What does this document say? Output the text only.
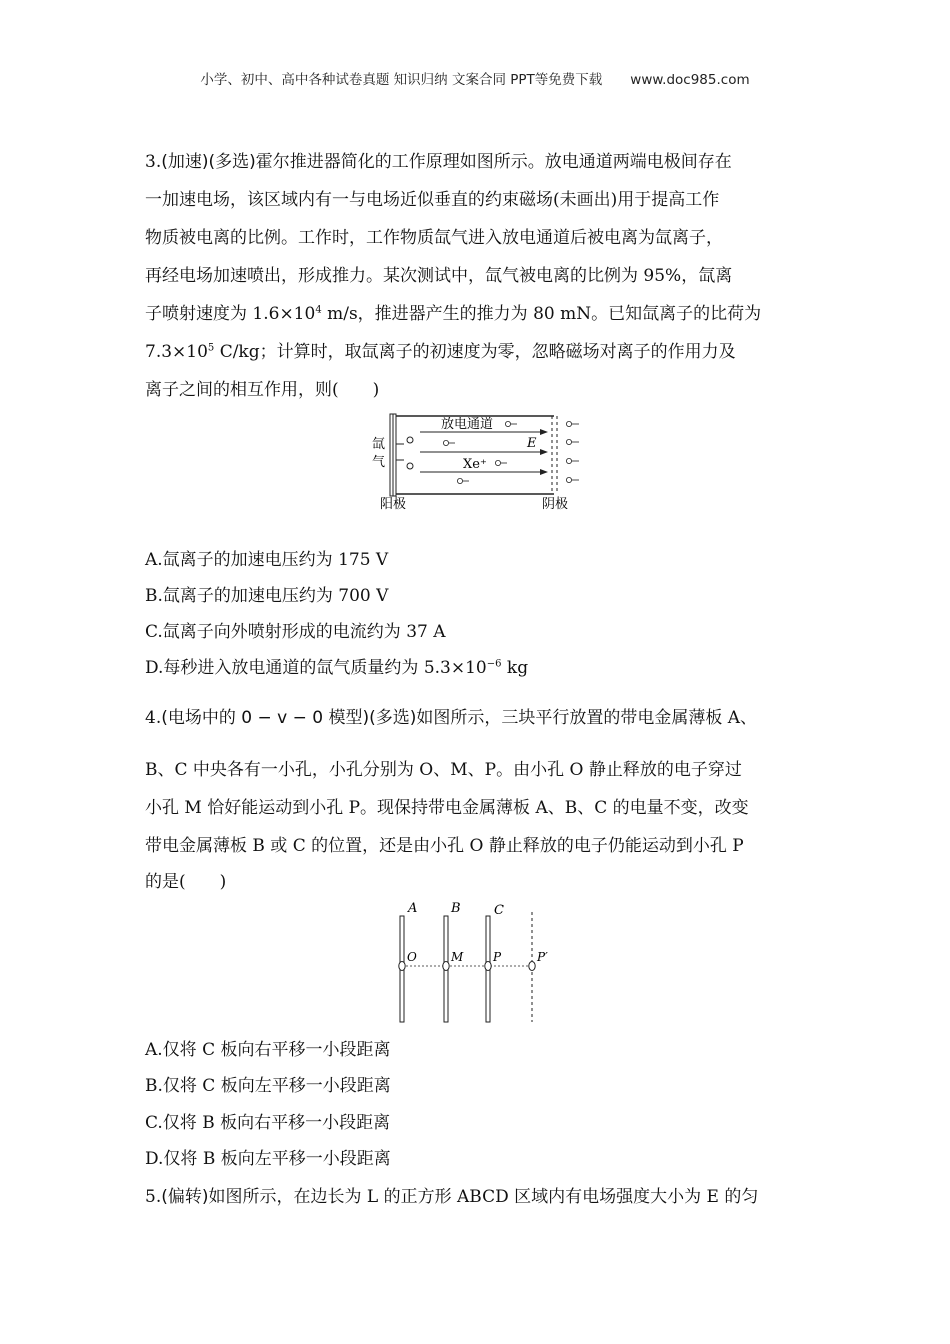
小学、初中、高中各种试卷真题 知识归纳 文案合同 PPT等免费下载 www.doc985.com
3.(加速)(多选)霍尔推进器简化的工作原理如图所示。放电通道两端电极间存在
一加速电场，该区域内有一与电场近似垂直的约束磁场(未画出)用于提高工作
物质被电离的比例。工作时，工作物质氙气进入放电通道后被电离为氙离子，
再经电场加速喷出，形成推力。某次测试中，氙气被电离的比例为 95%，氙离
子喷射速度为 $1.6\times 10^4$ m/s，推进器产生的推力为 80 mN。已知氙离子的比荷为
$7.3\times 10^5$ C/kg；计算时，取氙离子的初速度为零，忽略磁场对离子的作用力及
离子之间的相互作用，则(　　)
氙
气
放电通道
E
Xe⁺
阳极	阴极
A.氙离子的加速电压约为 175 V
B.氙离子的加速电压约为 700 V
C.氙离子向外喷射形成的电流约为 37 A
D.每秒进入放电通道的氙气质量约为 $5.3\times 10^{-6}$ kg
4.(电场中的 0 − v − 0 模型)(多选)如图所示，三块平行放置的带电金属薄板 A、
B、C 中央各有一小孔，小孔分别为 O、M、P。由小孔 O 静止释放的电子穿过
小孔 M 恰好能运动到小孔 P。现保持带电金属薄板 A、B、C 的电量不变，改变
带电金属薄板 B 或 C 的位置，还是由小孔 O 静止释放的电子仍能运动到小孔 P
的是(　　)
A	B	C
O	M P	P′
A.仅将 C 板向右平移一小段距离
B.仅将 C 板向左平移一小段距离
C.仅将 B 板向右平移一小段距离
D.仅将 B 板向左平移一小段距离
5.(偏转)如图所示，在边长为 L 的正方形 ABCD 区域内有电场强度大小为 E 的匀
